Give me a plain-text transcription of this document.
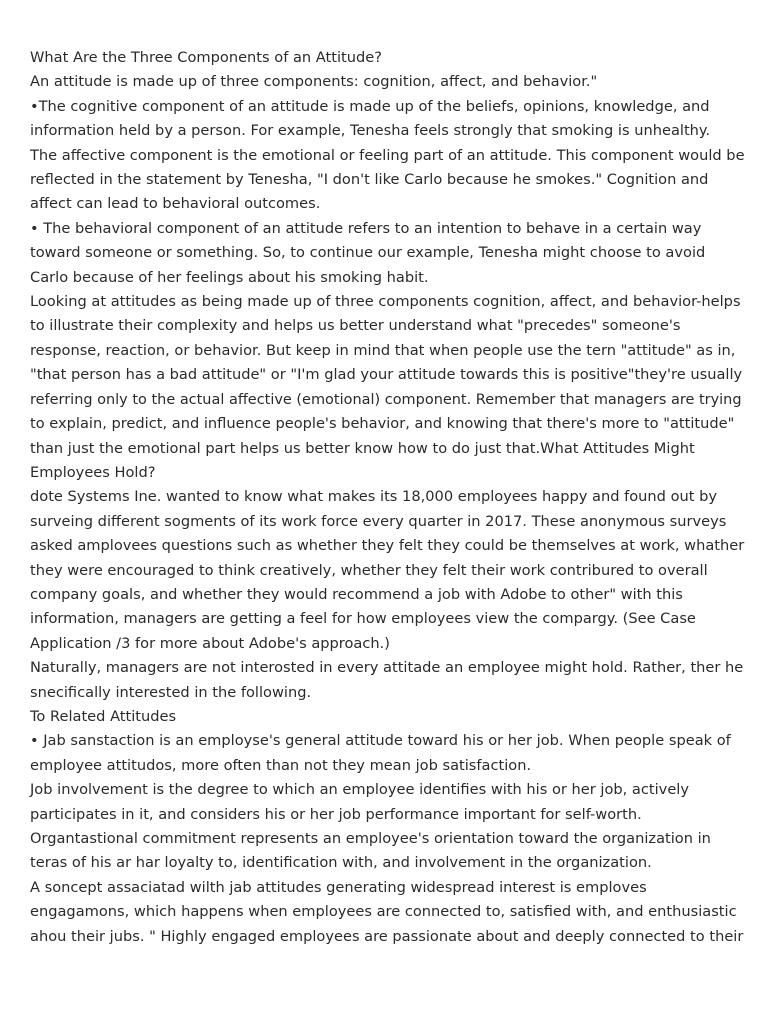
What Are the Three Components of an Attitude?
An attitude is made up of three components: cognition, affect, and behavior."
•The cognitive component of an attitude is made up of the beliefs, opinions, knowledge, and
information held by a person. For example, Tenesha feels strongly that smoking is unhealthy.
The affective component is the emotional or feeling part of an attitude. This component would be
reflected in the statement by Tenesha, "I don't like Carlo because he smokes." Cognition and
affect can lead to behavioral outcomes.
• The behavioral component of an attitude refers to an intention to behave in a certain way
toward someone or something. So, to continue our example, Tenesha might choose to avoid
Carlo because of her feelings about his smoking habit.
Looking at attitudes as being made up of three components cognition, affect, and behavior-helps
to illustrate their complexity and helps us better understand what "precedes" someone's
response, reaction, or behavior. But keep in mind that when people use the tern "attitude" as in,
"that person has a bad attitude" or "I'm glad your attitude towards this is positive"they're usually
referring only to the actual affective (emotional) component. Remember that managers are trying
to explain, predict, and influence people's behavior, and knowing that there's more to "attitude"
than just the emotional part helps us better know how to do just that.What Attitudes Might
Employees Hold?
dote Systems Ine. wanted to know what makes its 18,000 employees happy and found out by
surveing different sogments of its work force every quarter in 2017. These anonymous surveys
asked amplovees questions such as whether they felt they could be themselves at work, whather
they were encouraged to think creatively, whether they felt their work contribured to overall
company goals, and whether they would recommend a job with Adobe to other" with this
information, managers are getting a feel for how employees view the compargy. (See Case
Application /3 for more about Adobe's approach.)
Naturally, managers are not interosted in every attitade an employee might hold. Rather, ther he
snecifically interested in the following.
To Related Attitudes
• Jab sanstaction is an employse's general attitude toward his or her job. When people speak of
employee attitudos, more often than not they mean job satisfaction.
Job involvement is the degree to which an employee identifies with his or her job, actively
participates in it, and considers his or her job performance important for self-worth.
Organtastional commitment represents an employee's orientation toward the organization in
teras of his ar har loyalty to, identification with, and involvement in the organization.
A soncept assaciatad wilth jab attitudes generating widespread interest is emploves
engagamons, which happens when employees are connected to, satisfied with, and enthusiastic
ahou their jubs. " Highly engaged employees are passionate about and deeply connected to their
